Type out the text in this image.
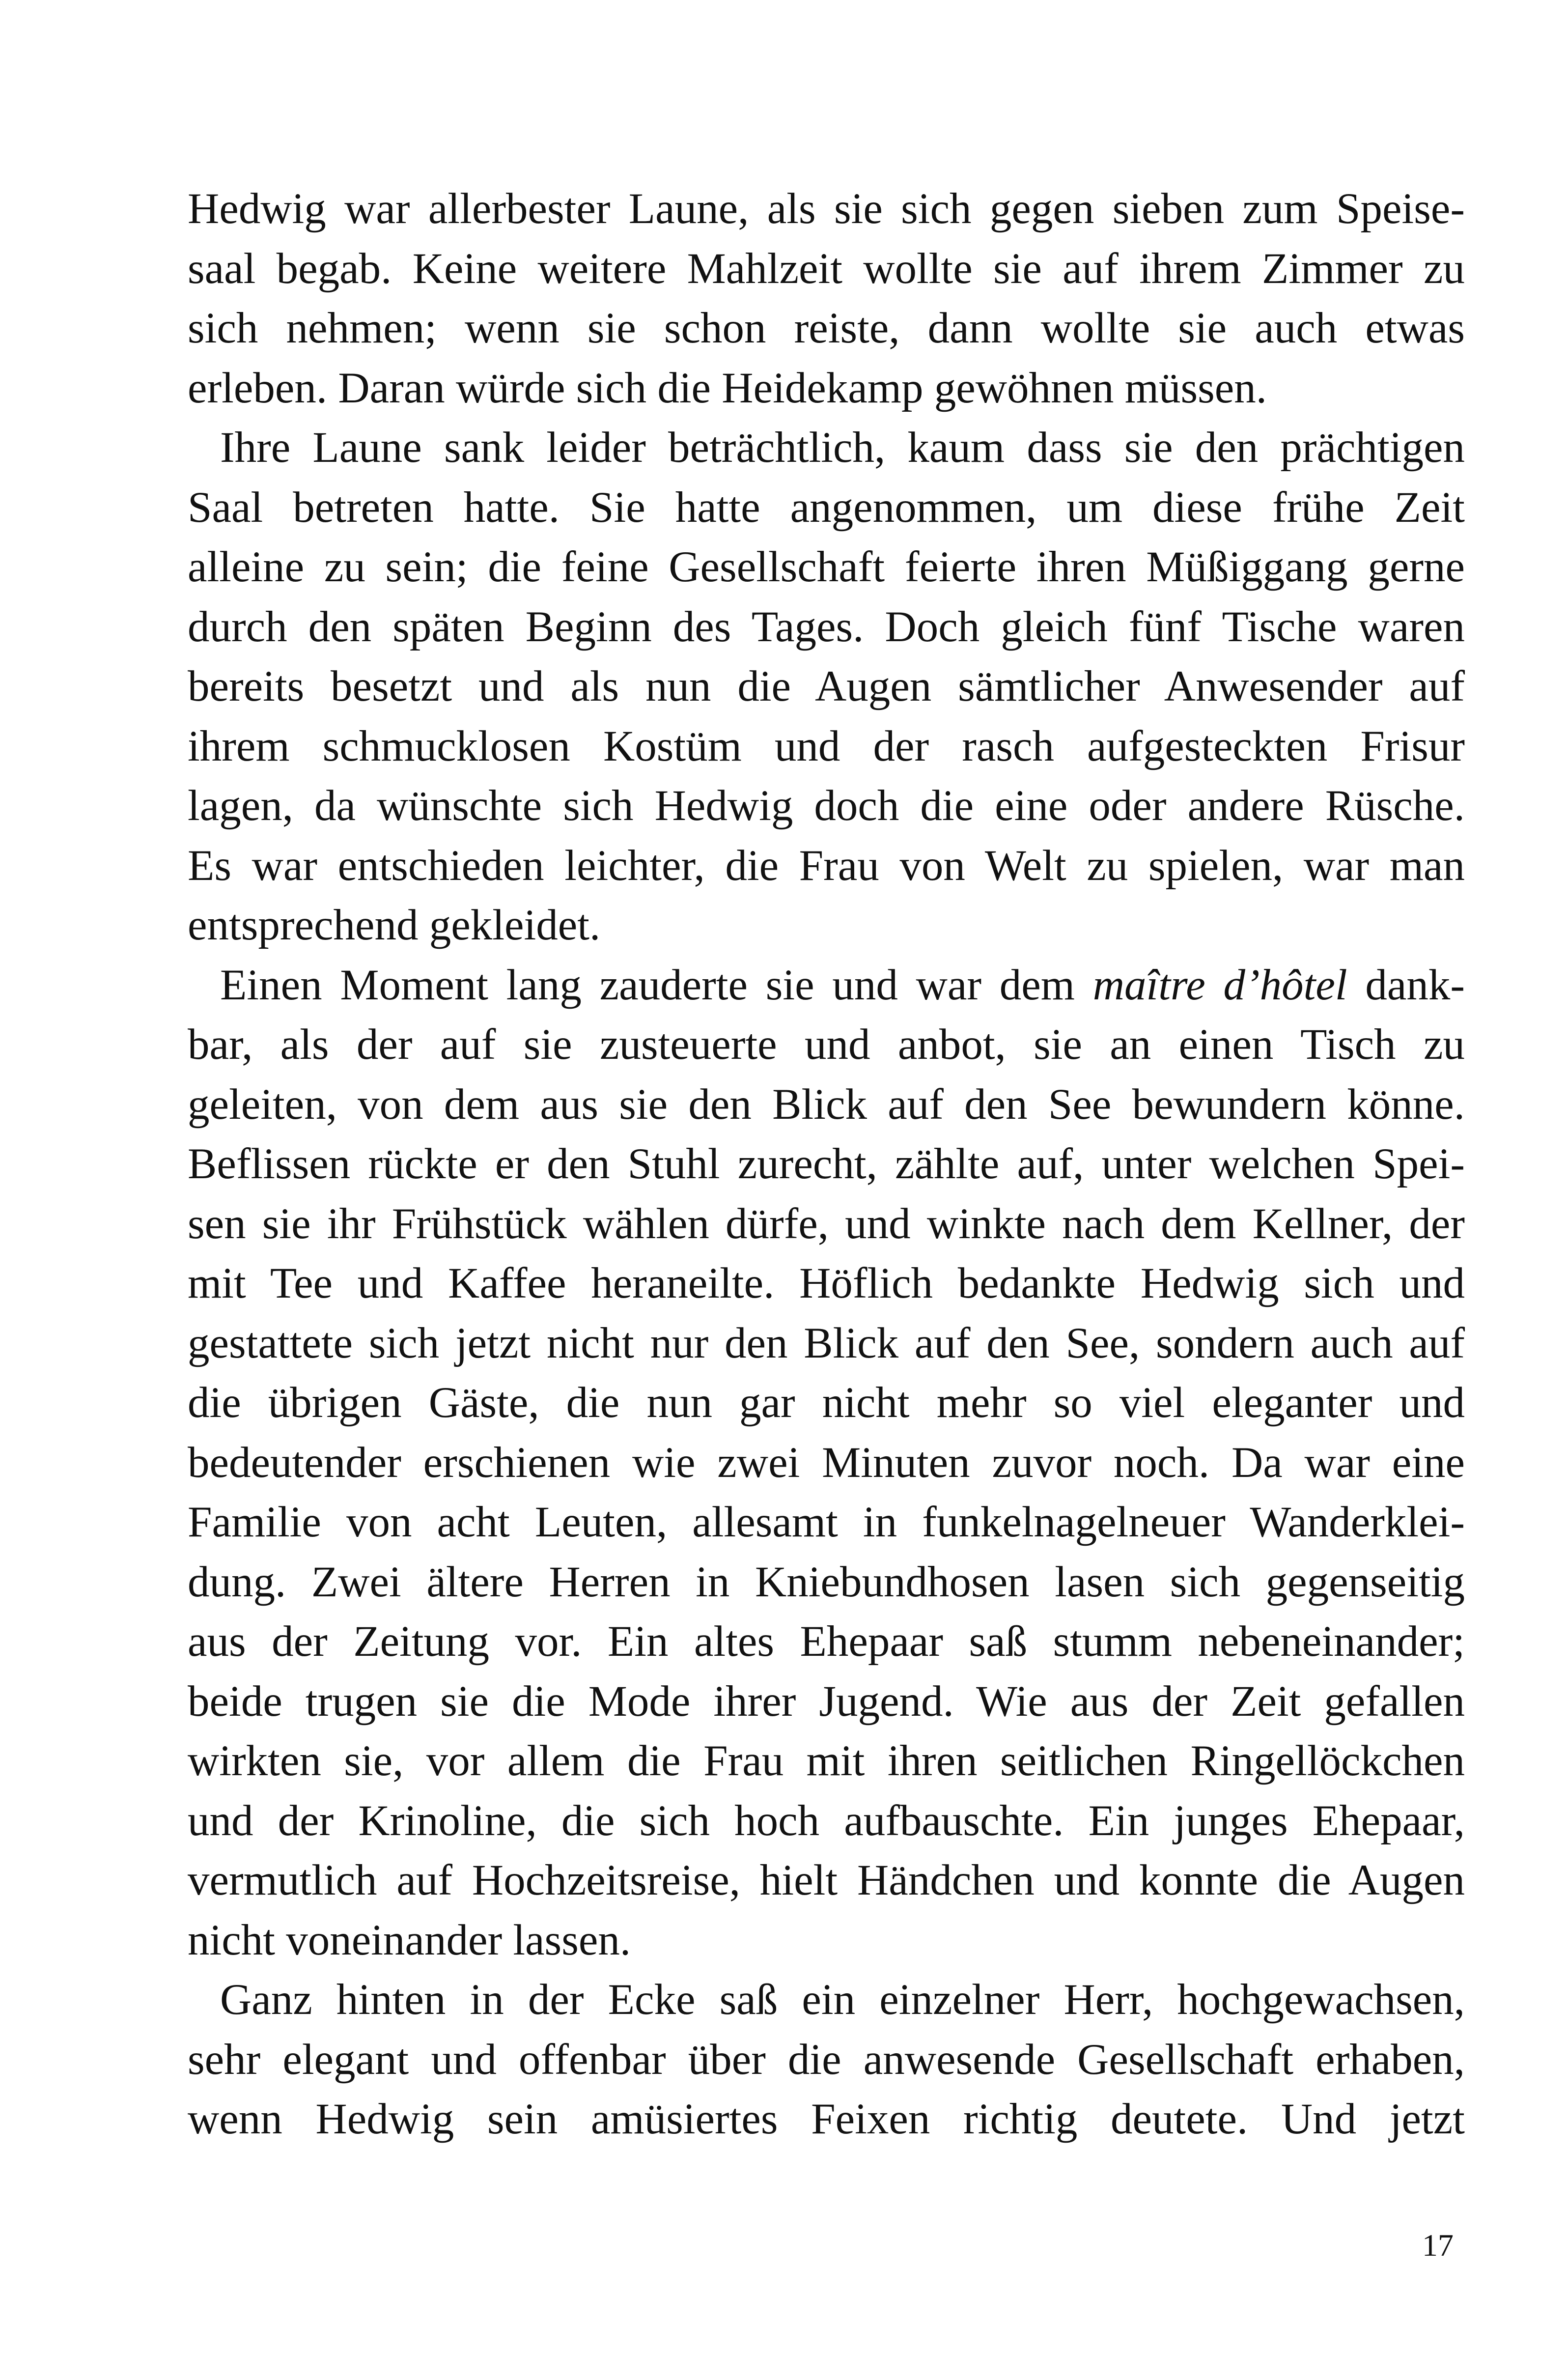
Hedwig war allerbester Laune, als sie sich gegen sieben zum Speise-
saal begab. Keine weitere Mahlzeit wollte sie auf ihrem Zimmer zu
sich nehmen; wenn sie schon reiste, dann wollte sie auch etwas
erleben. Daran würde sich die Heidekamp gewöhnen müssen.
Ihre Laune sank leider beträchtlich, kaum dass sie den prächtigen
Saal betreten hatte. Sie hatte angenommen, um diese frühe Zeit
alleine zu sein; die feine Gesellschaft feierte ihren Müßiggang gerne
durch den späten Beginn des Tages. Doch gleich fünf Tische waren
bereits besetzt und als nun die Augen sämtlicher Anwesender auf
ihrem schmucklosen Kostüm und der rasch aufgesteckten Frisur
lagen, da wünschte sich Hedwig doch die eine oder andere Rüsche.
Es war entschieden leichter, die Frau von Welt zu spielen, war man
entsprechend gekleidet.
Einen Moment lang zauderte sie und war dem maître d’hôtel dank-
bar, als der auf sie zusteuerte und anbot, sie an einen Tisch zu
geleiten, von dem aus sie den Blick auf den See bewundern könne.
Beflissen rückte er den Stuhl zurecht, zählte auf, unter welchen Spei-
sen sie ihr Frühstück wählen dürfe, und winkte nach dem Kellner, der
mit Tee und Kaffee heraneilte. Höflich bedankte Hedwig sich und
gestattete sich jetzt nicht nur den Blick auf den See, sondern auch auf
die übrigen Gäste, die nun gar nicht mehr so viel eleganter und
bedeutender erschienen wie zwei Minuten zuvor noch. Da war eine
Familie von acht Leuten, allesamt in funkelnagelneuer Wanderklei-
dung. Zwei ältere Herren in Kniebundhosen lasen sich gegenseitig
aus der Zeitung vor. Ein altes Ehepaar saß stumm nebeneinander;
beide trugen sie die Mode ihrer Jugend. Wie aus der Zeit gefallen
wirkten sie, vor allem die Frau mit ihren seitlichen Ringellöckchen
und der Krinoline, die sich hoch aufbauschte. Ein junges Ehepaar,
vermutlich auf Hochzeitsreise, hielt Händchen und konnte die Augen
nicht voneinander lassen.
Ganz hinten in der Ecke saß ein einzelner Herr, hochgewachsen,
sehr elegant und offenbar über die anwesende Gesellschaft erhaben,
wenn Hedwig sein amüsiertes Feixen richtig deutete. Und jetzt
17
